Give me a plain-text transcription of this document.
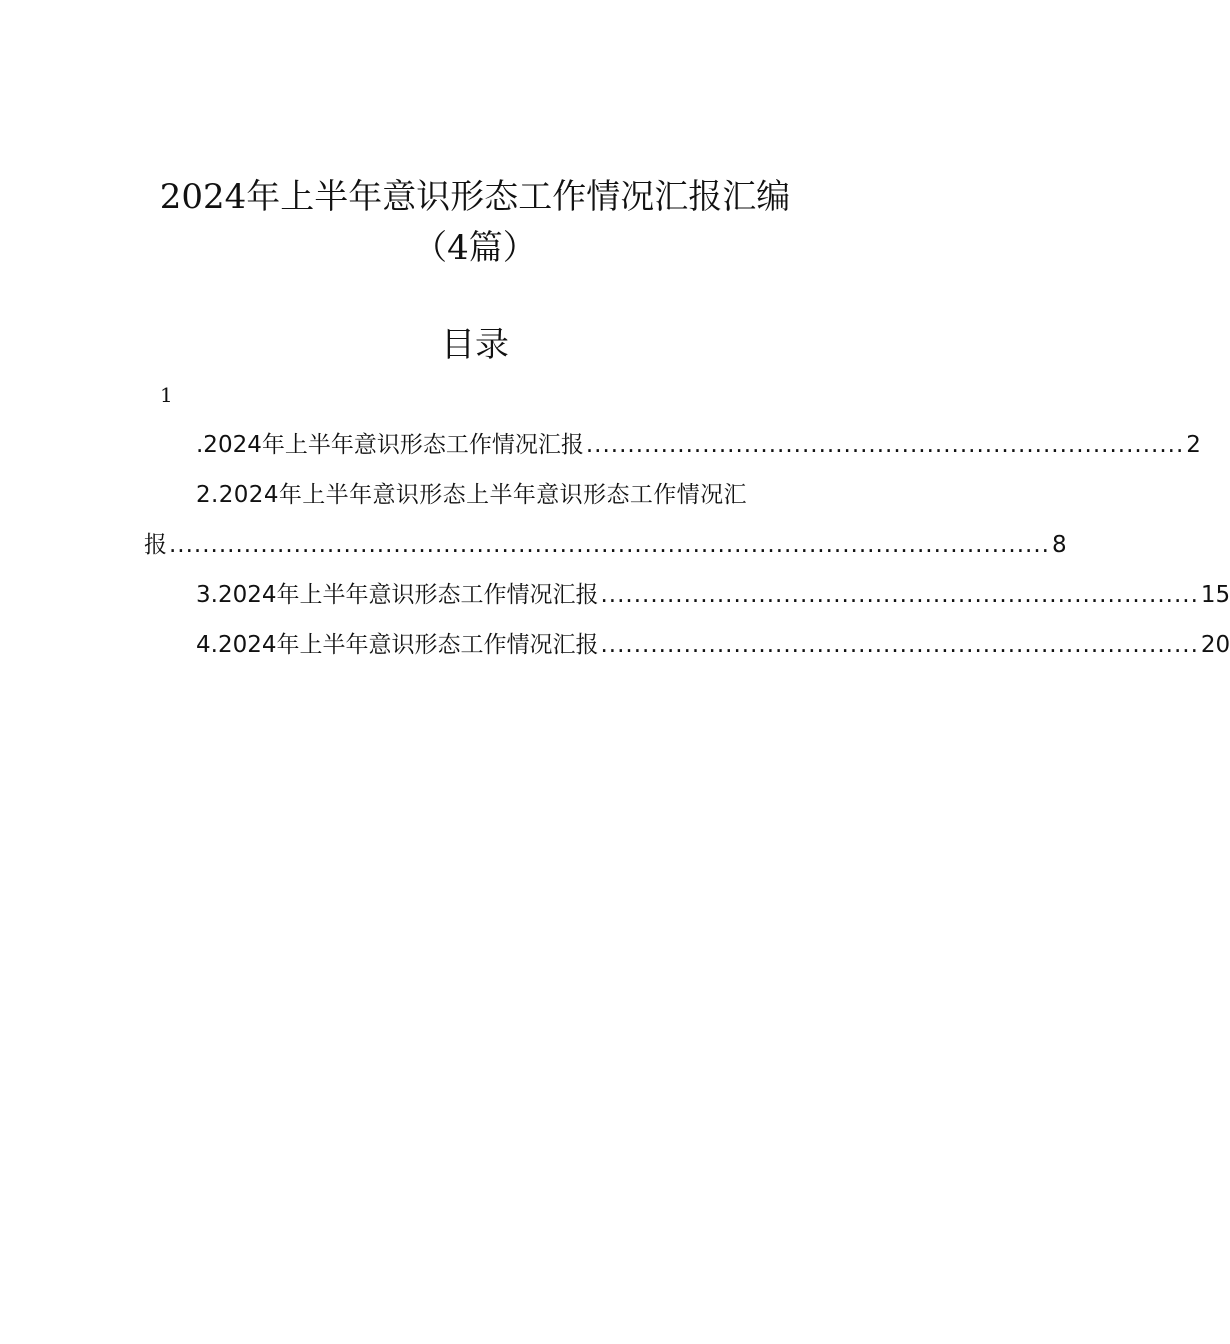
2024年上半年意识形态工作情况汇报汇编
（4篇）
目录
1
.2024年上半年意识形态工作情况汇报 ........................................................................ 2
2.2024年上半年意识形态上半年意识形态工作情况汇
报 .......................................................................................................... 8
3.2024年上半年意识形态工作情况汇报 ........................................................................ 15
4.2024年上半年意识形态工作情况汇报 ........................................................................ 20
